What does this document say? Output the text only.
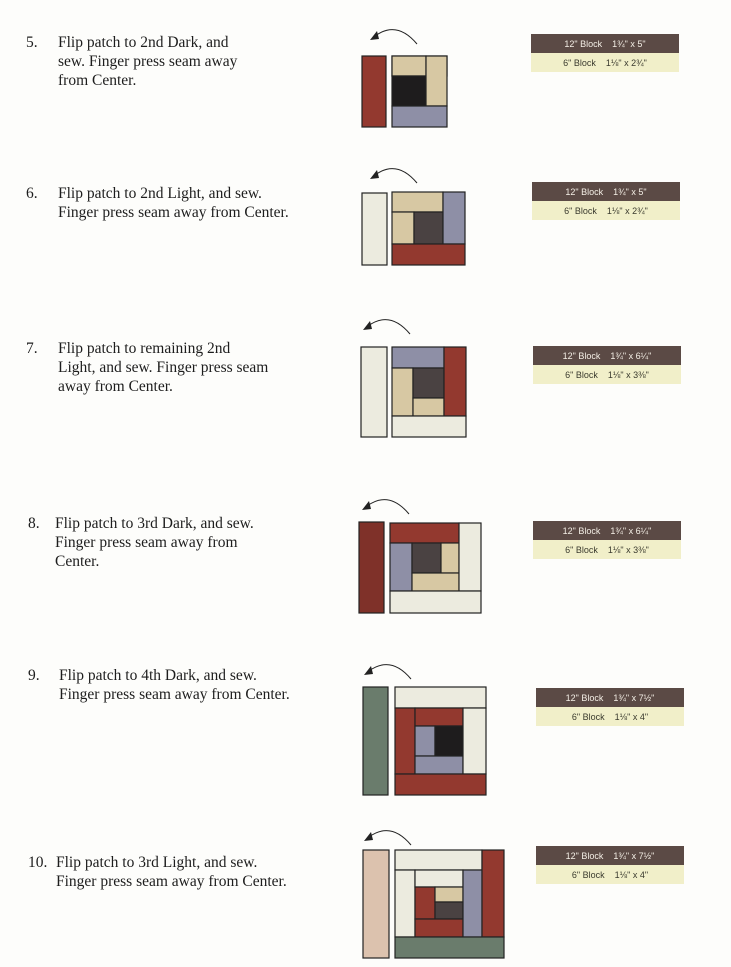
5. Flip patch to 2nd Dark, and
sew. Finger press seam away
from Center.
12" Block 1¾" x 5"
6" Block 1⅛" x 2¾"
6. Flip patch to 2nd Light, and sew.
Finger press seam away from Center.
12" Block 1¾" x 5"
6" Block 1⅛" x 2¾"
7. Flip patch to remaining 2nd
Light, and sew. Finger press seam
away from Center.
12" Block 1¾" x 6¼"
6" Block 1⅛" x 3⅜"
8. Flip patch to 3rd Dark, and sew.
Finger press seam away from
Center.
12" Block 1¾" x 6¼"
6" Block 1⅛" x 3⅜"
9. Flip patch to 4th Dark, and sew.
Finger press seam away from Center.	12" Block 1¾" x 7½"
6" Block 1⅛" x 4"
10. Flip patch to 3rd Light, and sew.
Finger press seam away from Center.
12" Block 1¾" x 7½"
6" Block 1⅛" x 4"
